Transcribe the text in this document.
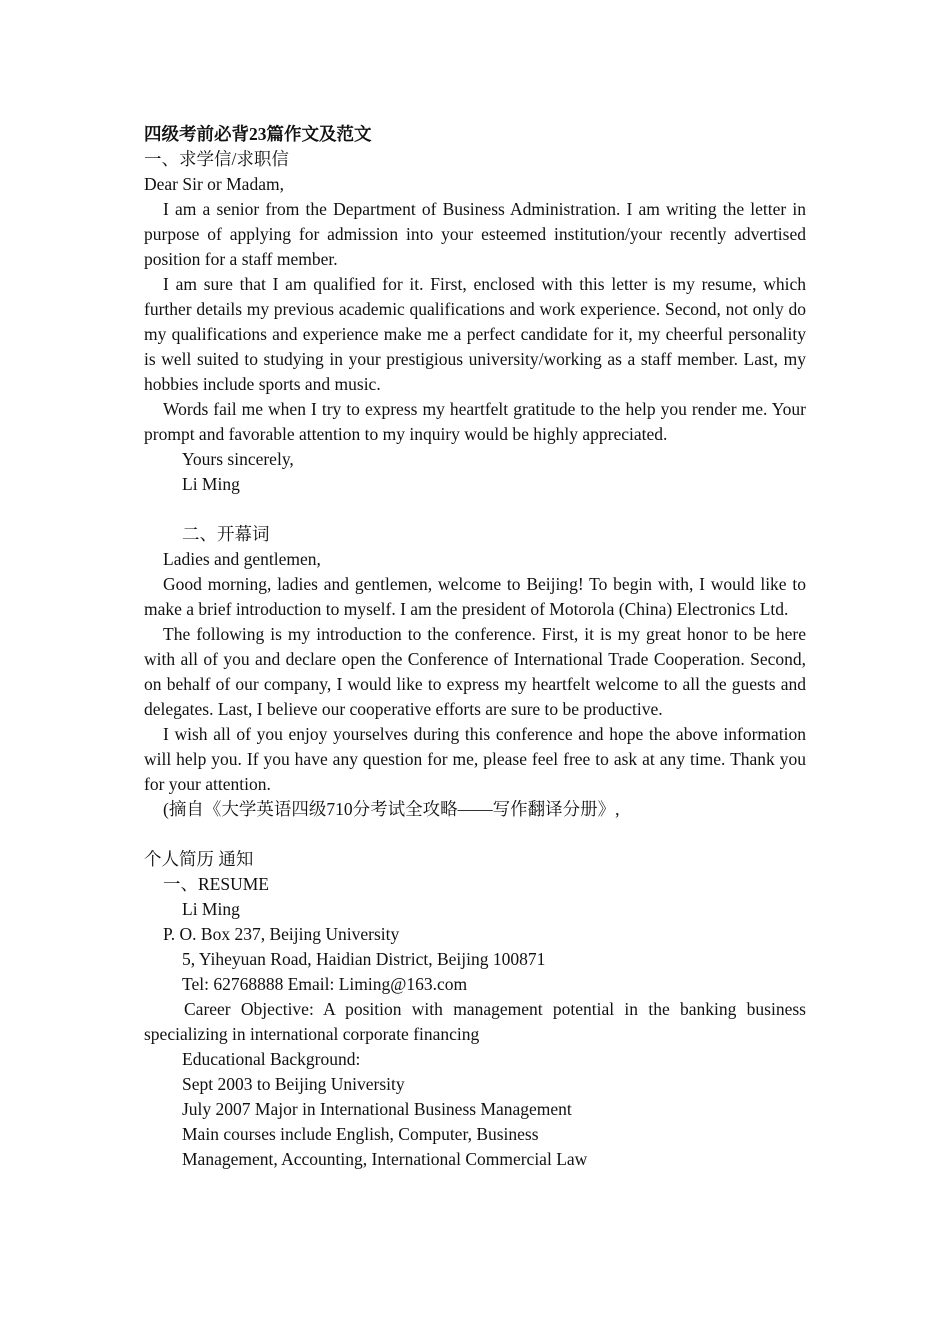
四级考前必背23篇作文及范文
一、求学信/求职信
Dear Sir or Madam,
I am a senior from the Department of Business Administration. I am writing the letter in purpose of applying for admission into your esteemed institution/your recently advertised position for a staff member.
I am sure that I am qualified for it. First, enclosed with this letter is my resume, which further details my previous academic qualifications and work experience. Second, not only do my qualifications and experience make me a perfect candidate for it, my cheerful personality is well suited to studying in your prestigious university/working as a staff member. Last, my hobbies include sports and music.
Words fail me when I try to express my heartfelt gratitude to the help you render me. Your prompt and favorable attention to my inquiry would be highly appreciated.
Yours sincerely,
Li Ming
二、开幕词
Ladies and gentlemen,
Good morning, ladies and gentlemen, welcome to Beijing! To begin with, I would like to make a brief introduction to myself. I am the president of Motorola (China) Electronics Ltd.
The following is my introduction to the conference. First, it is my great honor to be here with all of you and declare open the Conference of International Trade Cooperation. Second, on behalf of our company, I would like to express my heartfelt welcome to all the guests and delegates. Last, I believe our cooperative efforts are sure to be productive.
I wish all of you enjoy yourselves during this conference and hope the above information will help you. If you have any question for me, please feel free to ask at any time. Thank you for your attention.
(摘自《大学英语四级710分考试全攻略——写作翻译分册》,
个人简历 通知
一、RESUME
Li Ming
P. O. Box 237, Beijing University
5, Yiheyuan Road, Haidian District, Beijing 100871
Tel: 62768888 Email: Liming@163.com
Career Objective: A position with management potential in the banking business specializing in international corporate financing
Educational Background:
Sept 2003 to Beijing University
July 2007 Major in International Business Management
Main courses include English, Computer, Business
Management, Accounting, International Commercial Law
